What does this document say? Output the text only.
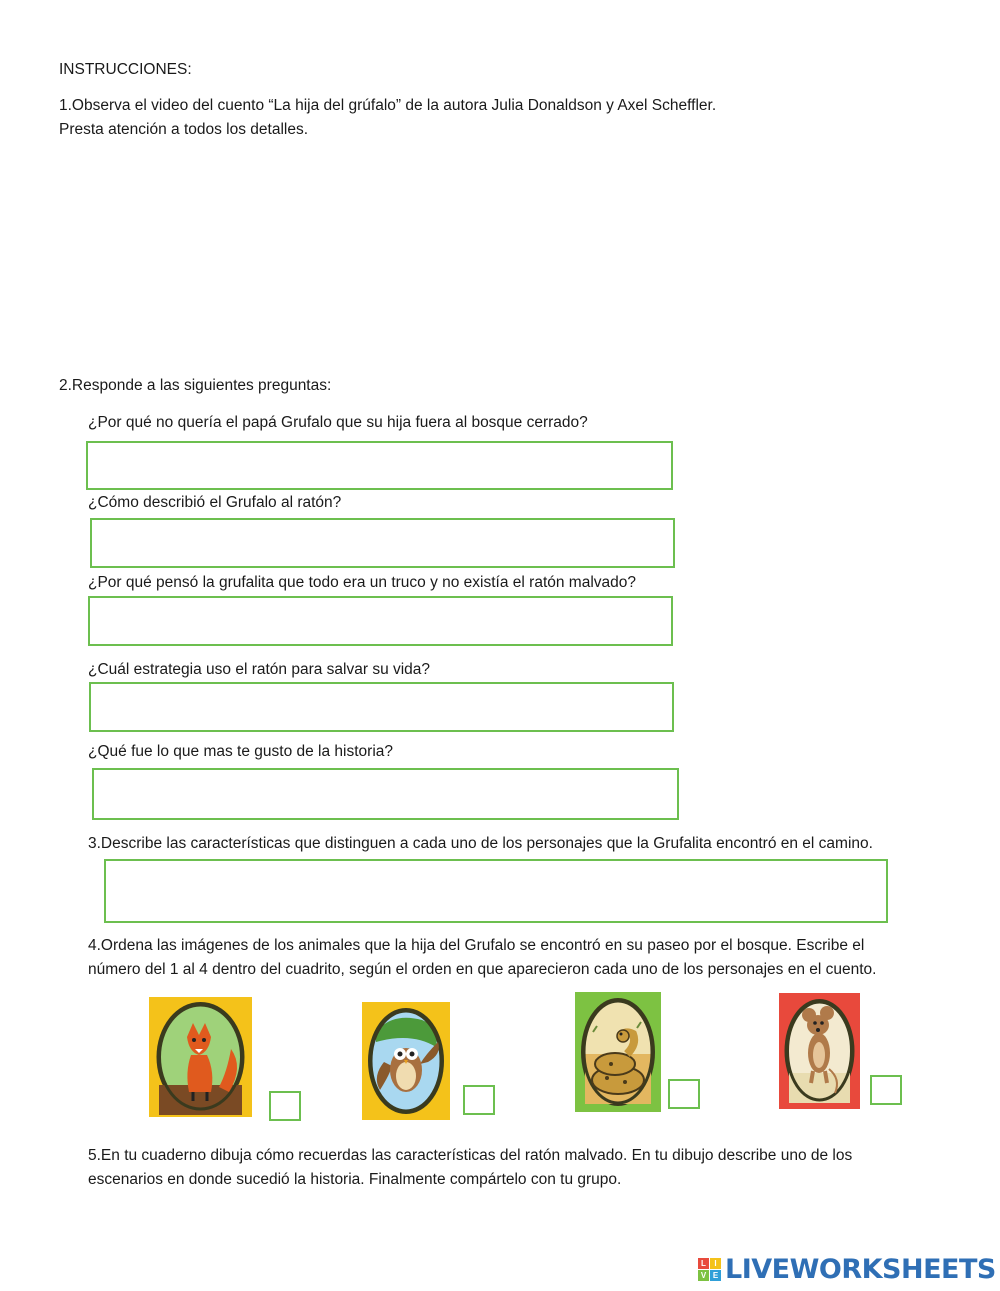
INSTRUCCIONES:
1.Observa el video del cuento “La hija del grúfalo” de la autora Julia Donaldson y Axel Scheffler.
Presta atención a todos los detalles.
2.Responde a las siguientes preguntas:
¿Por qué no quería el papá Grufalo que su hija fuera al bosque cerrado?
¿Cómo describió el Grufalo al ratón?
¿Por qué pensó la grufalita que todo era un truco y no existía el ratón malvado?
¿Cuál estrategia uso el ratón para salvar su vida?
¿Qué fue lo que mas te gusto de la historia?
3.Describe las características que distinguen a cada uno de los personajes que la Grufalita encontró en el camino.
4.Ordena las imágenes de los animales que la hija del Grufalo se encontró en su paseo por el bosque. Escribe el
número del 1 al 4 dentro del cuadrito, según el orden en que aparecieron cada uno de los personajes en el cuento.
5.En tu cuaderno dibuja cómo recuerdas las características del ratón malvado. En tu dibujo describe uno de los
escenarios en donde sucedió la historia. Finalmente compártelo con tu grupo.
L	I
V E LIVEWORKSHEETS
